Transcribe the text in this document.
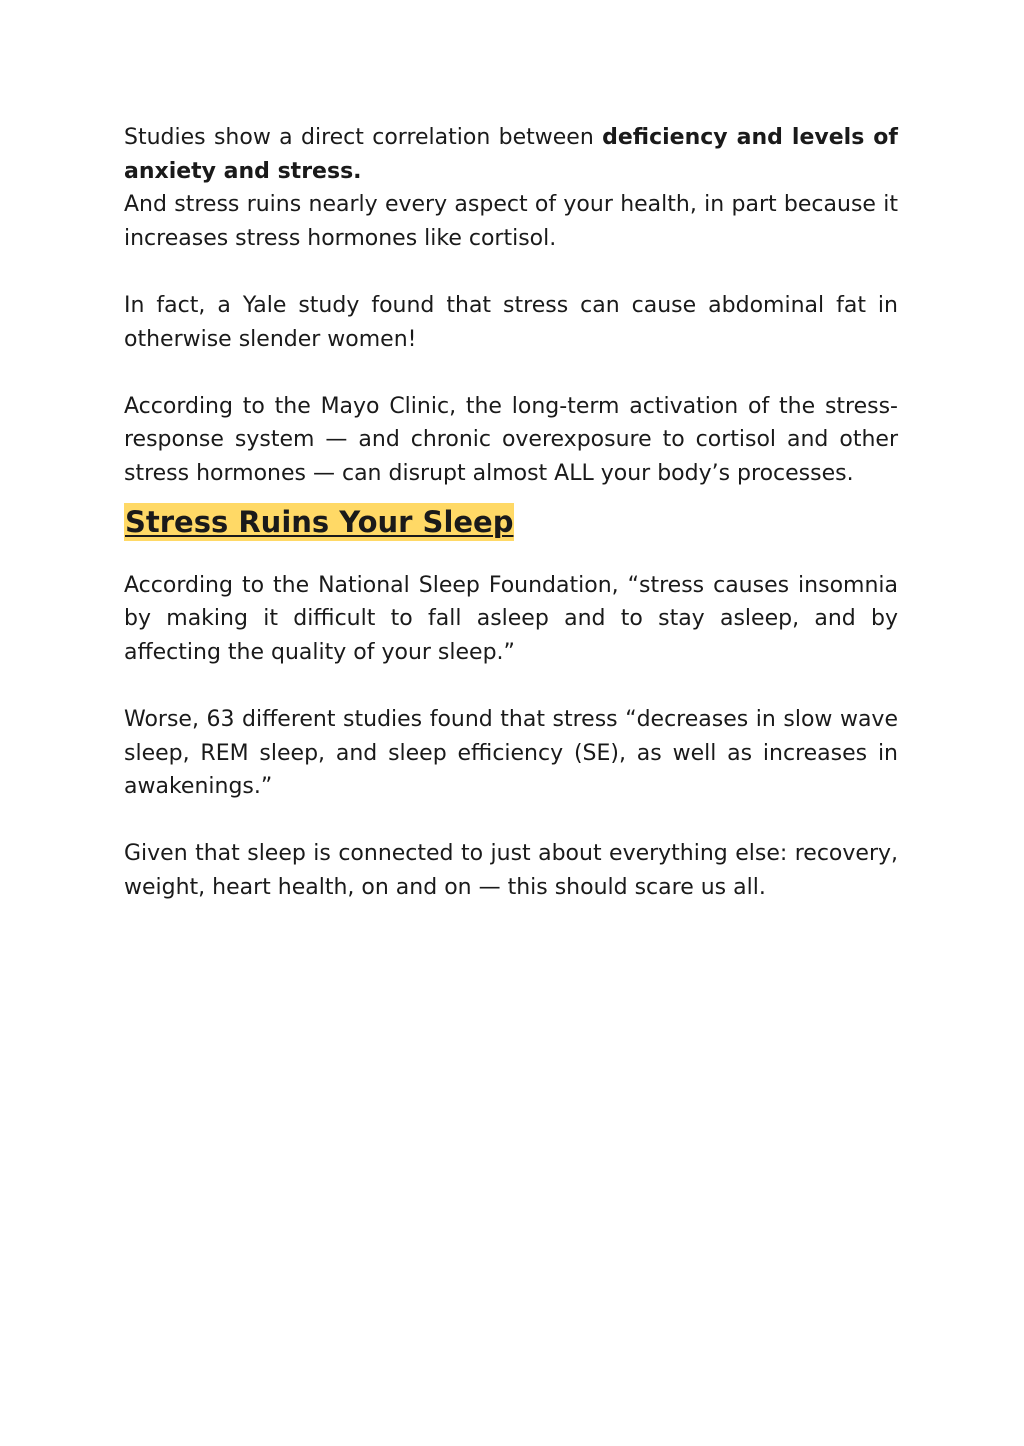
Studies show a direct correlation between deficiency and levels of anxiety and stress.

And stress ruins nearly every aspect of your health, in part because it increases stress hormones like cortisol.

In fact, a Yale study found that stress can cause abdominal fat in otherwise slender women!

According to the Mayo Clinic, the long-term activation of the stress-response system — and chronic overexposure to cortisol and other stress hormones — can disrupt almost ALL your body’s processes.

Stress Ruins Your Sleep

According to the National Sleep Foundation, “stress causes insomnia by making it difficult to fall asleep and to stay asleep, and by affecting the quality of your sleep.”

Worse, 63 different studies found that stress “decreases in slow wave sleep, REM sleep, and sleep efficiency (SE), as well as increases in awakenings.”

Given that sleep is connected to just about everything else: recovery, weight, heart health, on and on — this should scare us all.
